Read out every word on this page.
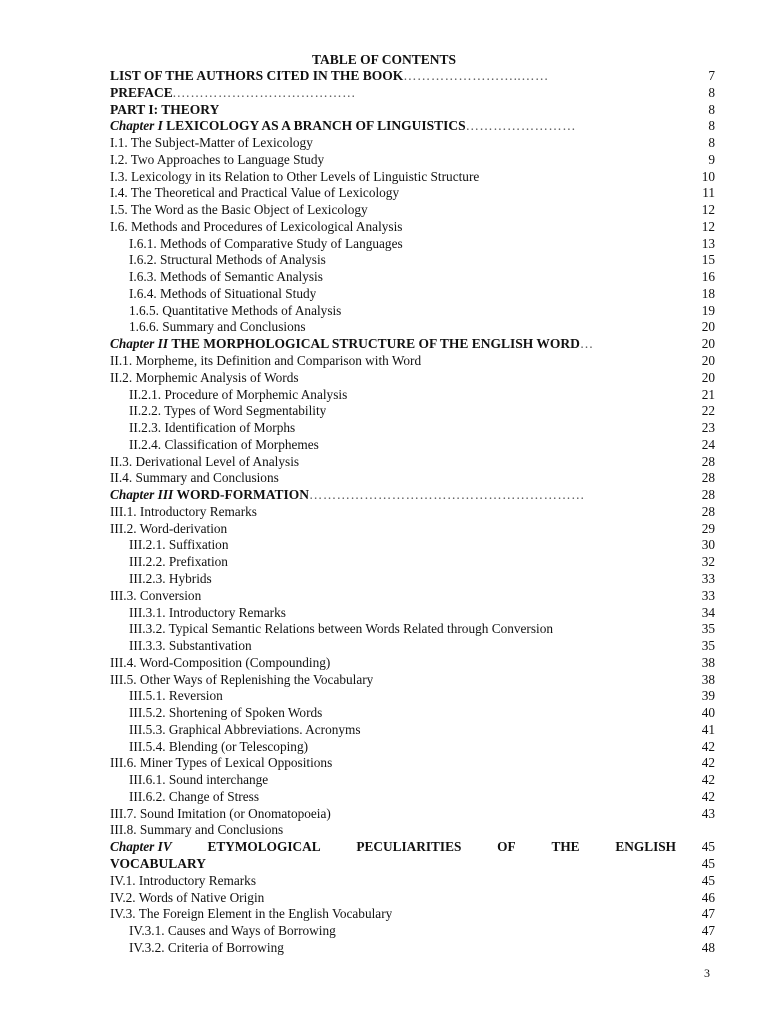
TABLE OF CONTENTS
LIST OF THE AUTHORS CITED IN THE BOOK……………………..……	7
PREFACE.…………………………………	8
PART I: THEORY	8
Chapter I LEXICOLOGY AS A BRANCH OF LINGUISTICS……………………	8
I.1. The Subject-Matter of Lexicology	8
I.2. Two Approaches to Language Study	9
I.3. Lexicology in its Relation to Other Levels of Linguistic Structure	10
I.4. The Theoretical and Practical Value of Lexicology	11
I.5. The Word as the Basic Object of Lexicology	12
I.6. Methods and Procedures of Lexicological Analysis	12
I.6.1. Methods of Comparative Study of Languages	13
I.6.2. Structural Methods of Analysis	15
I.6.3. Methods of Semantic Analysis	16
I.6.4. Methods of Situational Study	18
1.6.5. Quantitative Methods of Analysis	19
1.6.6. Summary and Conclusions	20
Chapter II THE MORPHOLOGICAL STRUCTURE OF THE ENGLISH WORD…	20
II.1. Morpheme, its Definition and Comparison with Word	20
II.2. Morphemic Analysis of Words	20
II.2.1. Procedure of Morphemic Analysis	21
II.2.2. Types of Word Segmentability	22
II.2.3. Identification of Morphs	23
II.2.4. Classification of Morphemes	24
II.3. Derivational Level of Analysis	28
II.4. Summary and Conclusions	28
Chapter III WORD-FORMATION……………………………………………………	28
III.1. Introductory Remarks	28
III.2. Word-derivation	29
III.2.1. Suffixation	30
III.2.2. Prefixation	32
III.2.3. Hybrids	33
III.3. Conversion	33
III.3.1. Introductory Remarks	34
III.3.2. Typical Semantic Relations between Words Related through Conversion	35
III.3.3. Substantivation	35
III.4. Word-Composition (Compounding)	38
III.5. Other Ways of Replenishing the Vocabulary	38
III.5.1. Reversion	39
III.5.2. Shortening of Spoken Words	40
III.5.3. Graphical Abbreviations. Acronyms	41
III.5.4. Blending (or Telescoping)	42
III.6. Miner Types of Lexical Oppositions	42
III.6.1. Sound interchange	42
III.6.2. Change of Stress	42
III.7. Sound Imitation (or Onomatopoeia)	43
III.8. Summary and Conclusions
Chapter IV	ETYMOLOGICAL	PECULIARITIES	OF	THE	ENGLISH	45
VOCABULARY	45
IV.1. Introductory Remarks	45
IV.2. Words of Native Origin	46
IV.3. The Foreign Element in the English Vocabulary	47
IV.3.1. Causes and Ways of Borrowing	47
IV.3.2. Criteria of Borrowing	48
3
